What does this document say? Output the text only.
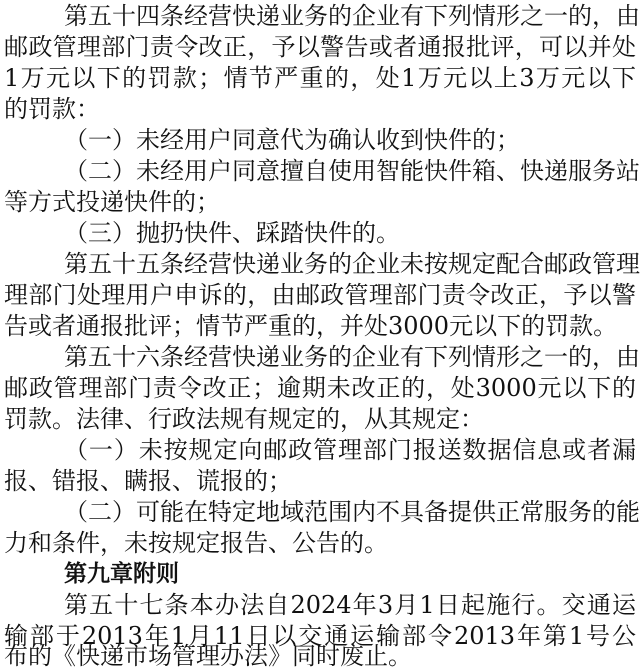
第五十四条经营快递业务的企业有下列情形之一的，由
邮政管理部门责令改正，予以警告或者通报批评，可以并处
1万元以下的罚款；情节严重的，处1万元以上3万元以下
的罚款：
（一）未经用户同意代为确认收到快件的；
（二）未经用户同意擅自使用智能快件箱、快递服务站
等方式投递快件的；
（三）抛扔快件、踩踏快件的。
第五十五条经营快递业务的企业未按规定配合邮政管理
理部门处理用户申诉的，由邮政管理部门责令改正，予以警
告或者通报批评；情节严重的，并处3000元以下的罚款。
第五十六条经营快递业务的企业有下列情形之一的，由
邮政管理部门责令改正；逾期未改正的，处3000元以下的
罚款。法律、行政法规有规定的，从其规定：
（一）未按规定向邮政管理部门报送数据信息或者漏
报、错报、瞒报、谎报的；
（二）可能在特定地域范围内不具备提供正常服务的能
力和条件，未按规定报告、公告的。
第九章附则
第五十七条本办法自2024年3月1日起施行。交通运
输部于2013年1月11日以交通运输部令2013年第1号公
布的《快递市场管理办法》同时废止。
